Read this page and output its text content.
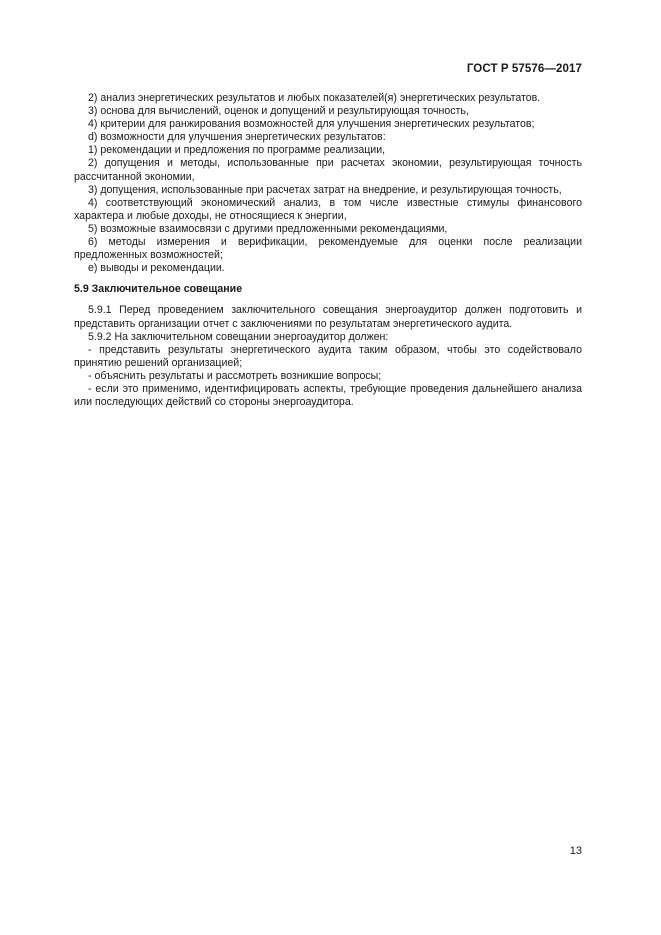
ГОСТ Р 57576—2017

2) анализ энергетических результатов и любых показателей(я) энергетических результатов.

3) основа для вычислений, оценок и допущений и результирующая точность,

4) критерии для ранжирования возможностей для улучшения энергетических результатов;

d) возможности для улучшения энергетических результатов:

1) рекомендации и предложения по программе реализации,

2) допущения и методы, использованные при расчетах экономии, результирующая точность рассчитанной экономии,

3) допущения, использованные при расчетах затрат на внедрение, и результирующая точность,

4) соответствующий экономический анализ, в том числе известные стимулы финансового характера и любые доходы, не относящиеся к энергии,

5) возможные взаимосвязи с другими предложенными рекомендациями,

6) методы измерения и верификации, рекомендуемые для оценки после реализации предложенных возможностей;

е) выводы и рекомендации.

5.9 Заключительное совещание

5.9.1 Перед проведением заключительного совещания энергоаудитор должен подготовить и представить организации отчет с заключениями по результатам энергетического аудита.

5.9.2 На заключительном совещании энергоаудитор должен:

- представить результаты энергетического аудита таким образом, чтобы это содействовало принятию решений организацией;

- объяснить результаты и рассмотреть возникшие вопросы;

- если это применимо, идентифицировать аспекты, требующие проведения дальнейшего анализа или последующих действий со стороны энергоаудитора.

13
